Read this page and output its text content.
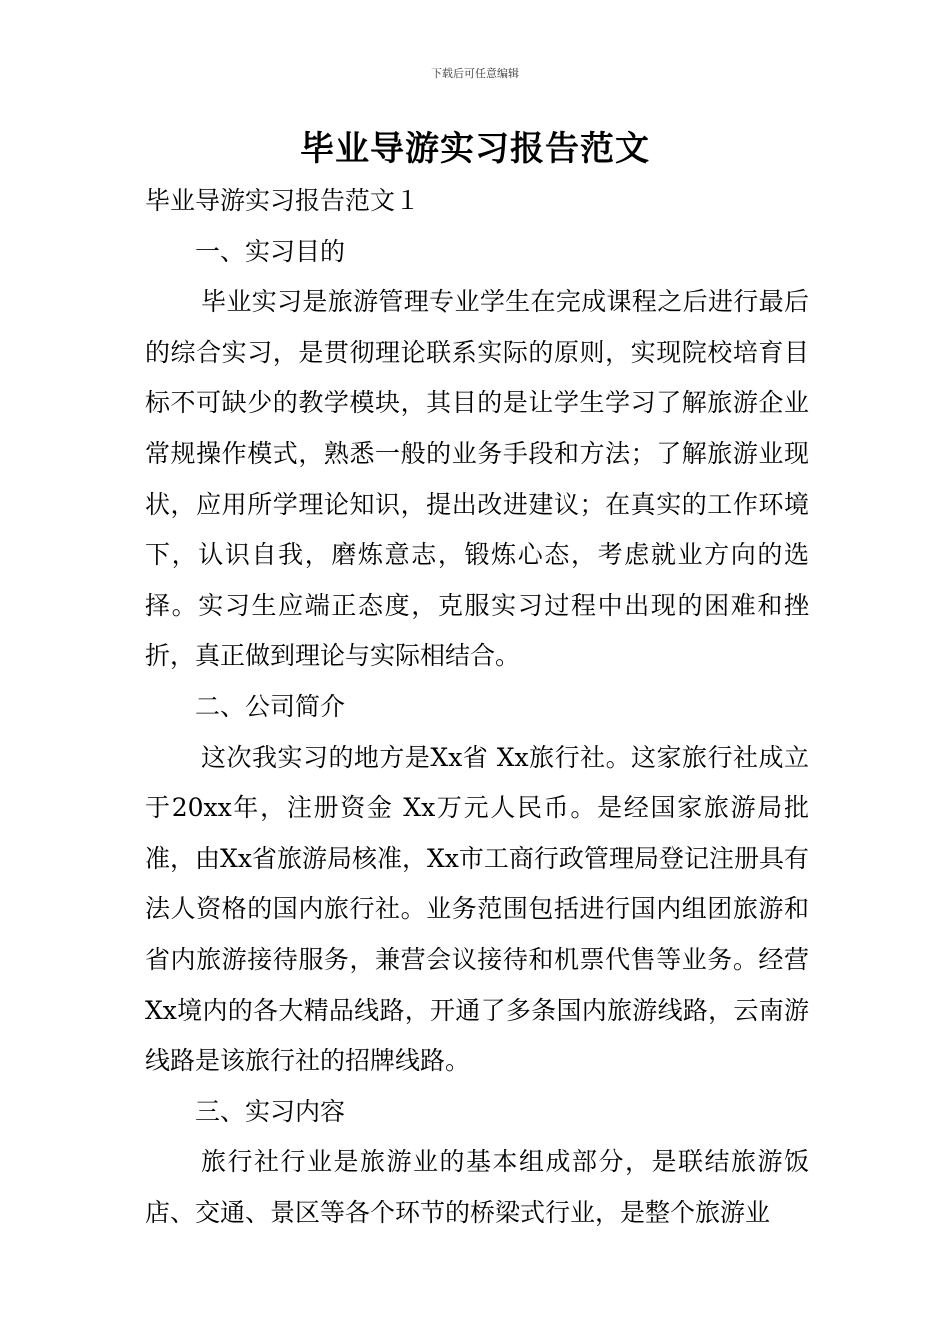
下载后可任意编辑
毕业导游实习报告范文

毕业导游实习报告范文１

一、实习目的

毕业实习是旅游管理专业学生在完成课程之后进行最后的综合实习，是贯彻理论联系实际的原则，实现院校培育目标不可缺少的教学模块，其目的是让学生学习了解旅游企业常规操作模式，熟悉一般的业务手段和方法；了解旅游业现状，应用所学理论知识，提出改进建议；在真实的工作环境下，认识自我，磨炼意志，锻炼心态，考虑就业方向的选择。实习生应端正态度，克服实习过程中出现的困难和挫折，真正做到理论与实际相结合。

二、公司简介

这次我实习的地方是Xx省 Xx旅行社。这家旅行社成立于20xx年，注册资金 Xx万元人民币。是经国家旅游局批准，由Xx省旅游局核准，Xx市工商行政管理局登记注册具有法人资格的国内旅行社。业务范围包括进行国内组团旅游和省内旅游接待服务，兼营会议接待和机票代售等业务。经营Xx境内的各大精品线路，开通了多条国内旅游线路，云南游线路是该旅行社的招牌线路。

三、实习内容

旅行社行业是旅游业的基本组成部分，是联结旅游饭店、交通、景区等各个环节的桥梁式行业，是整个旅游业
